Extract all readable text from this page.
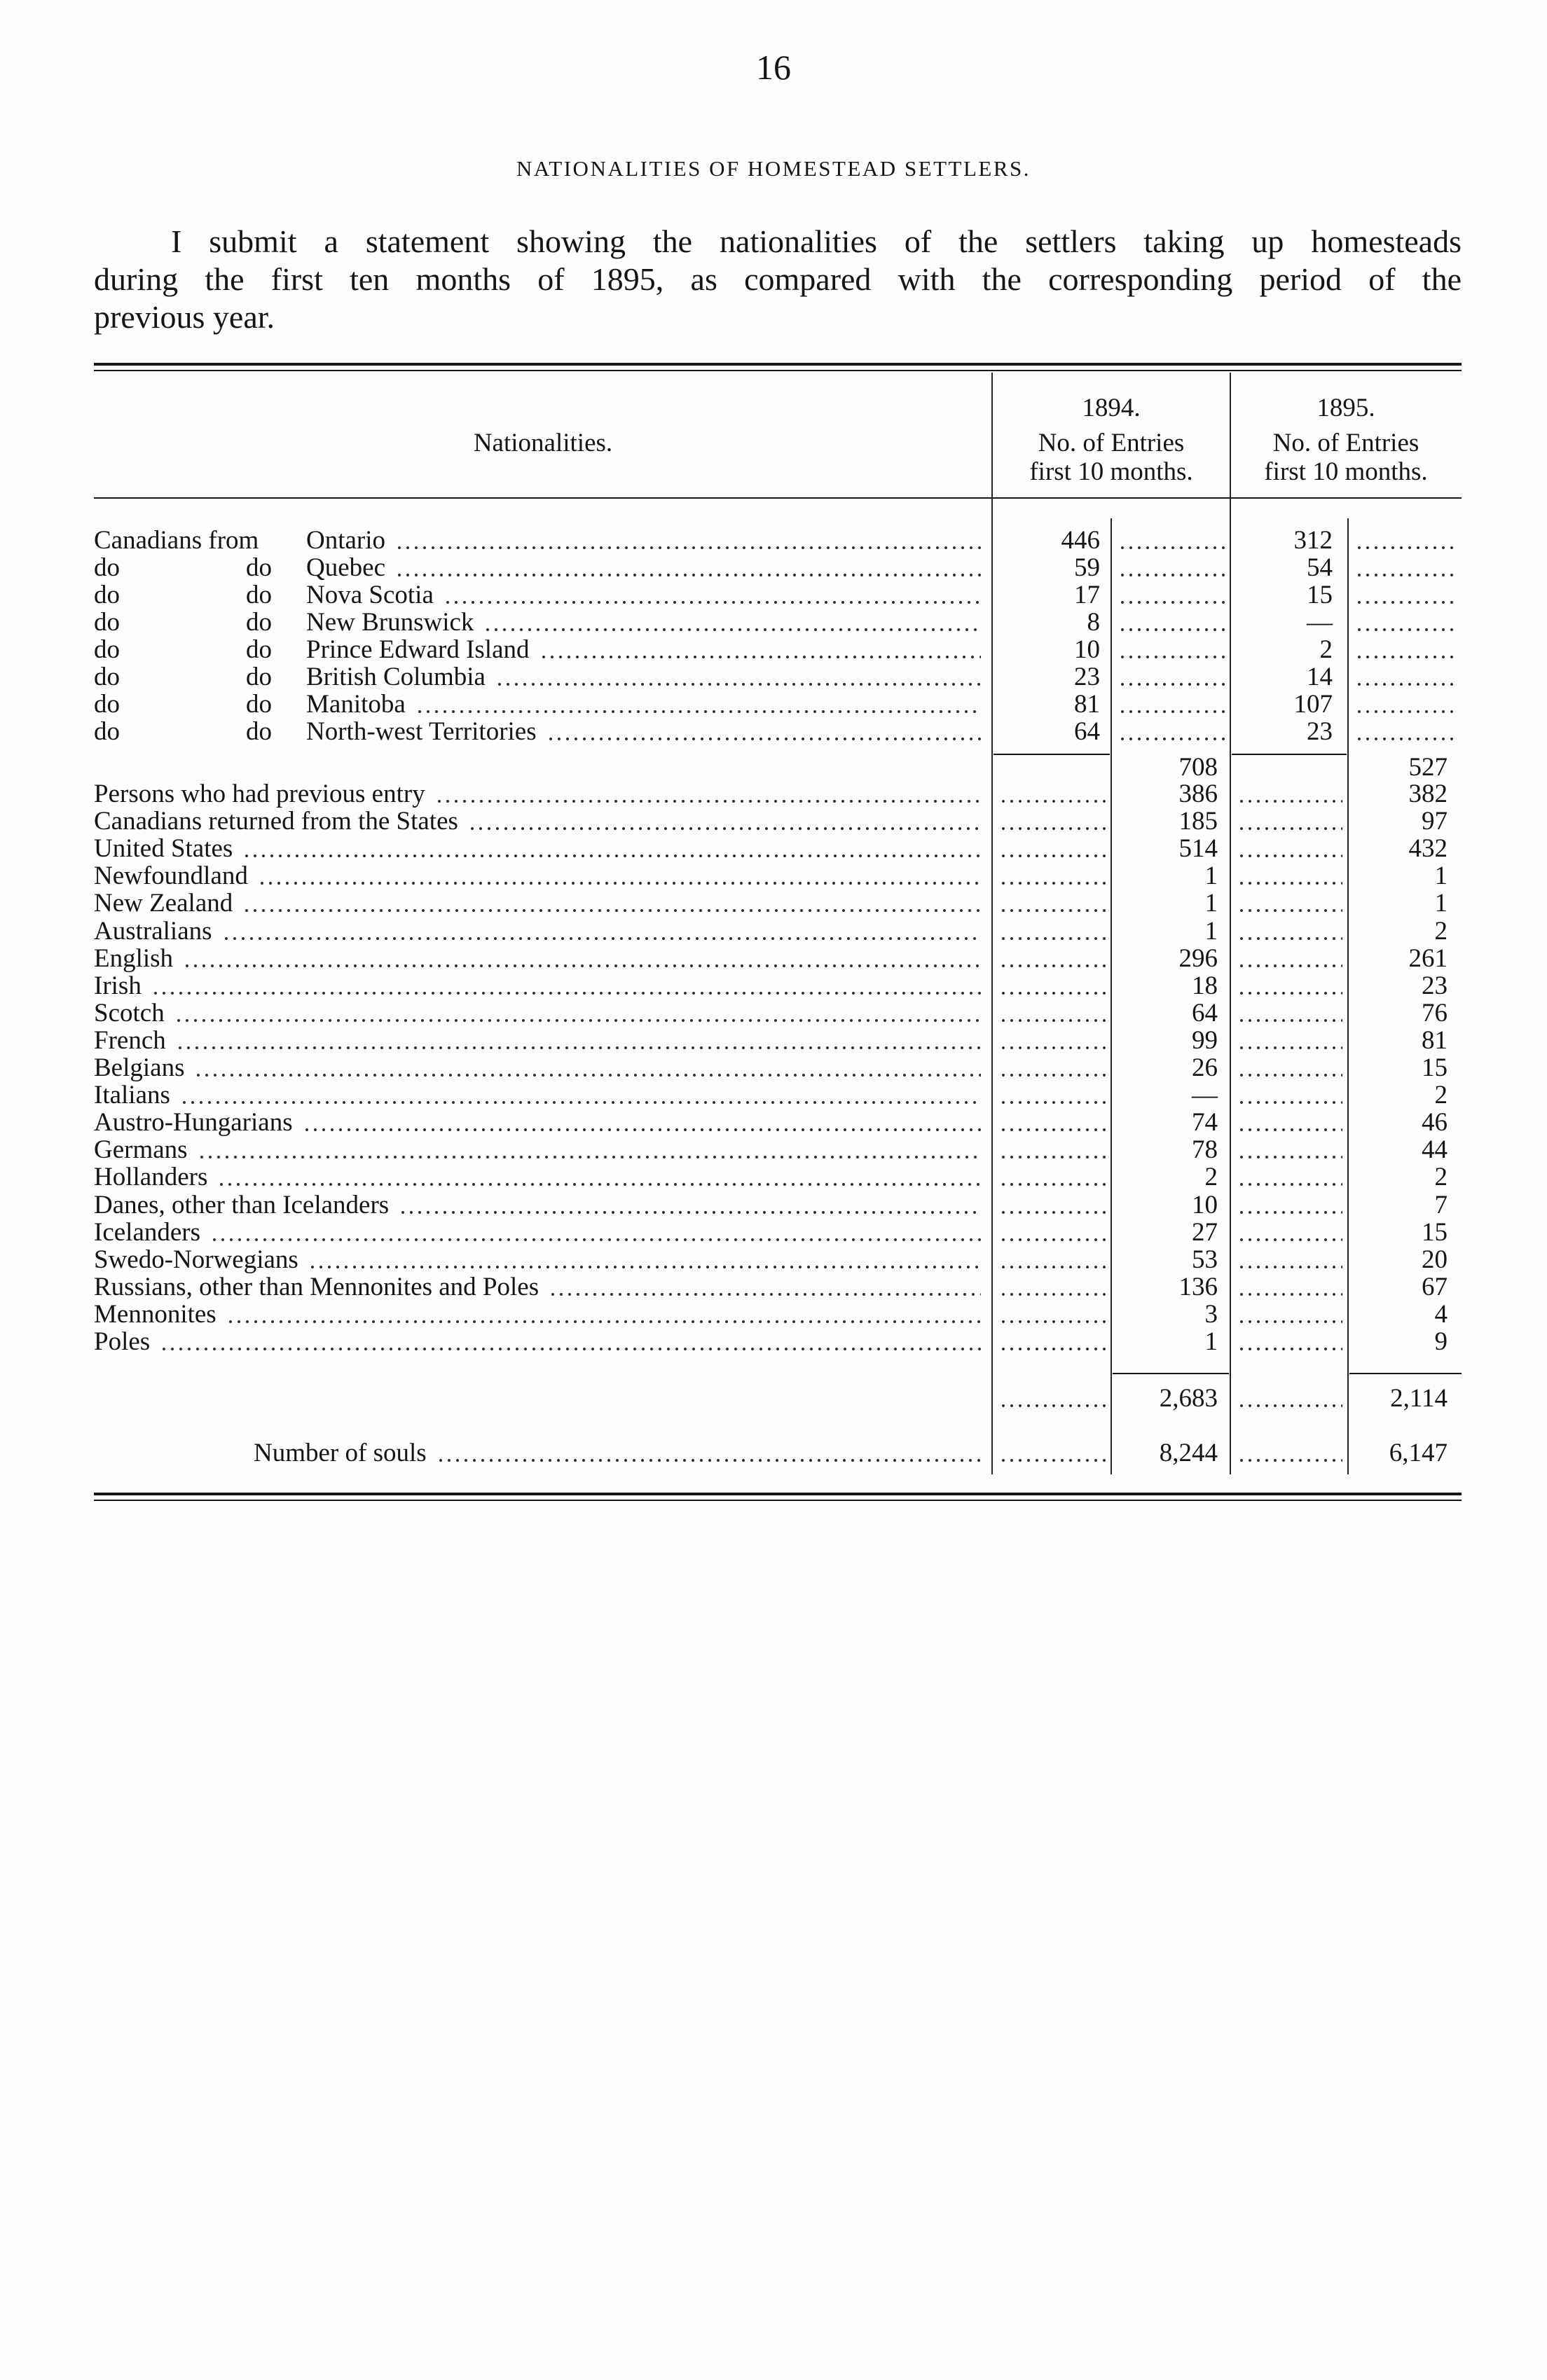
16
NATIONALITIES OF HOMESTEAD SETTLERS.
I submit a statement showing the nationalities of the settlers taking up homesteads
during the first ten months of 1895, as compared with the corresponding period of the
previous year.
Nationalities.
1894.
No. of Entries
first 10 months.
1895.
No. of Entries
first 10 months.
Canadians from	Ontario	446	312
do	do	Quebec	59	54
do	do	Nova Scotia	17	15
do	do	New Brunswick	8	—
do	do	Prince Edward Island	10	2
do	do	British Columbia	23	14
do	do	Manitoba	81	107
do	do	North-west Territories	64	23
708	527
Persons who had previous entry	386	382
Canadians returned from the States	185	97
United States	514	432
Newfoundland	1	1
New Zealand	1	1
Australians	1	2
English	296	261
Irish	18	23
Scotch	64	76
French	99	81
Belgians	26	15
Italians	—	2
Austro-Hungarians	74	46
Germans	78	44
Hollanders	2	2
Danes, other than Icelanders	10	7
Icelanders	27	15
Swedo-Norwegians	53	20
Russians, other than Mennonites and Poles	136	67
Mennonites	3	4
Poles	1	9
2,683	2,114
Number of souls	8,244	6,147
